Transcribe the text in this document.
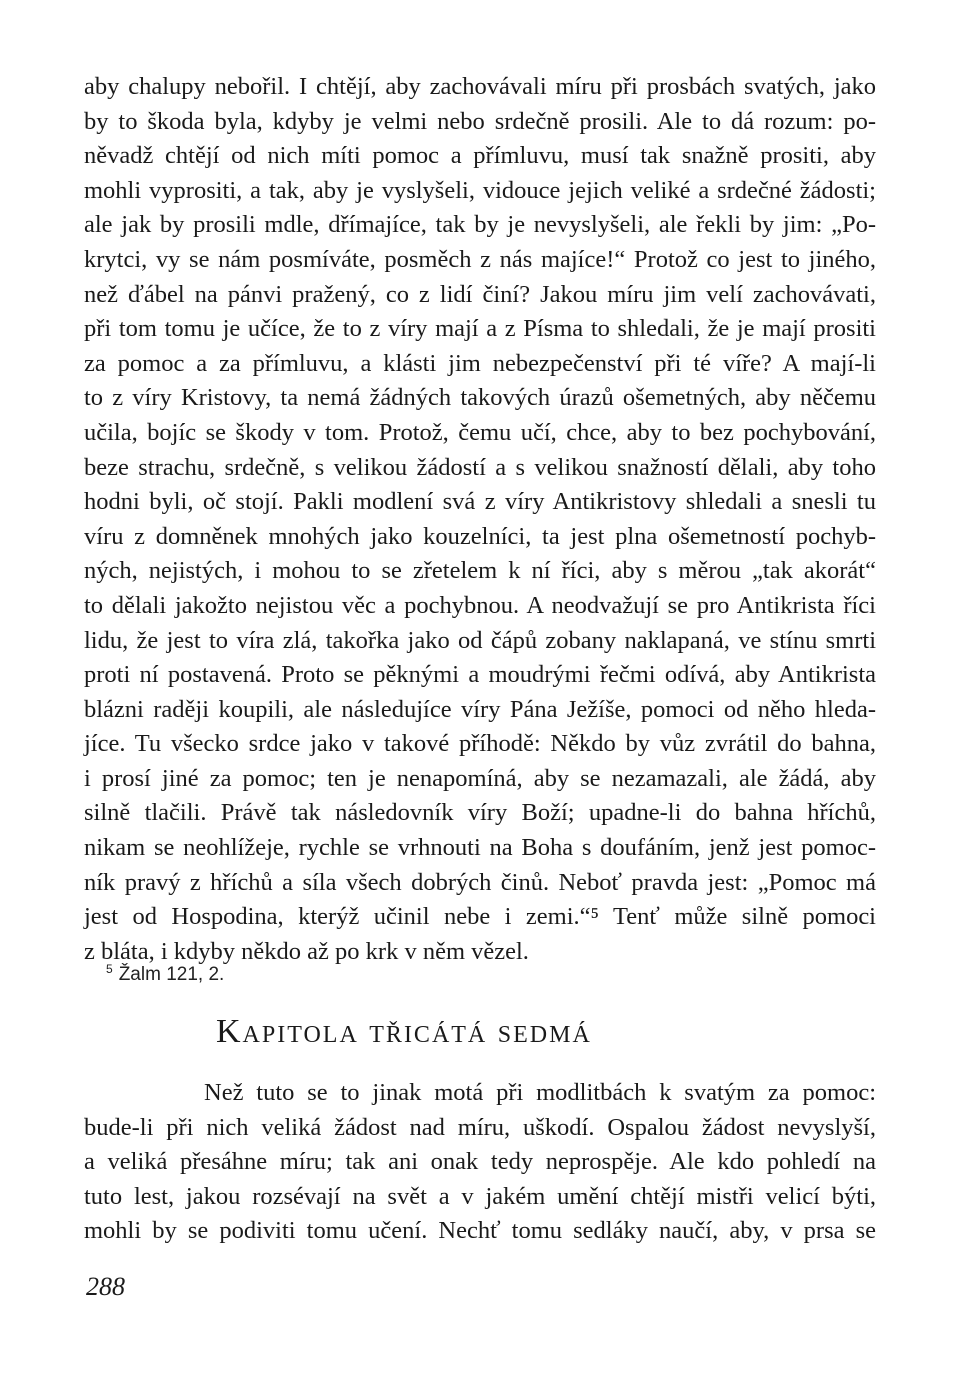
aby chalupy nebořil. I chtějí, aby zachovávali míru při prosbách svatých, jako
by to škoda byla, kdyby je velmi nebo srdečně prosili. Ale to dá rozum: po-
něvadž chtějí od nich míti pomoc a přímluvu, musí tak snažně prositi, aby
mohli vyprositi, a tak, aby je vyslyšeli, vidouce jejich veliké a srdečné žádosti;
ale jak by prosili mdle, dřímajíce, tak by je nevyslyšeli, ale řekli by jim: „Po-
krytci, vy se nám posmíváte, posměch z nás majíce!“ Protož co jest to jiného,
než ďábel na pánvi pražený, co z lidí činí? Jakou míru jim velí zachovávati,
při tom tomu je učíce, že to z víry mají a z Písma to shledali, že je mají prositi
za pomoc a za přímluvu, a klásti jim nebezpečenství při té víře? A mají-li
to z víry Kristovy, ta nemá žádných takových úrazů ošemetných, aby něčemu
učila, bojíc se škody v tom. Protož, čemu učí, chce, aby to bez pochybování,
beze strachu, srdečně, s velikou žádostí a s velikou snažností dělali, aby toho
hodni byli, oč stojí. Pakli modlení svá z víry Antikristovy shledali a snesli tu
víru z domněnek mnohých jako kouzelníci, ta jest plna ošemetností pochyb-
ných, nejistých, i mohou to se zřetelem k ní říci, aby s měrou „tak akorát“
to dělali jakožto nejistou věc a pochybnou. A neodvažují se pro Antikrista říci
lidu, že jest to víra zlá, takořka jako od čápů zobany naklapaná, ve stínu smrti
proti ní postavená. Proto se pěknými a moudrými řečmi odívá, aby Antikrista
blázni raději koupili, ale následujíce víry Pána Ježíše, pomoci od něho hleda-
jíce. Tu všecko srdce jako v takové příhodě: Někdo by vůz zvrátil do bahna,
i prosí jiné za pomoc; ten je nenapomíná, aby se nezamazali, ale žádá, aby
silně tlačili. Právě tak následovník víry Boží; upadne-li do bahna hříchů,
nikam se neohlížeje, rychle se vrhnouti na Boha s doufáním, jenž jest pomoc-
ník pravý z hříchů a síla všech dobrých činů. Neboť pravda jest: „Pomoc má
jest od Hospodina, kterýž učinil nebe i zemi.“⁵ Tenť může silně pomoci
z bláta, i kdyby někdo až po krk v něm vězel.
$^5$ Žalm 121, 2.
Kapitola třicátá sedmá
Než tuto se to jinak motá při modlitbách k svatým za pomoc:
bude-li při nich veliká žádost nad míru, uškodí. Ospalou žádost nevyslyší,
a veliká přesáhne míru; tak ani onak tedy neprospěje. Ale kdo pohledí na
tuto lest, jakou rozsévají na svět a v jakém umění chtějí mistři velicí býti,
mohli by se podiviti tomu učení. Nechť tomu sedláky naučí, aby, v prsa se
288
